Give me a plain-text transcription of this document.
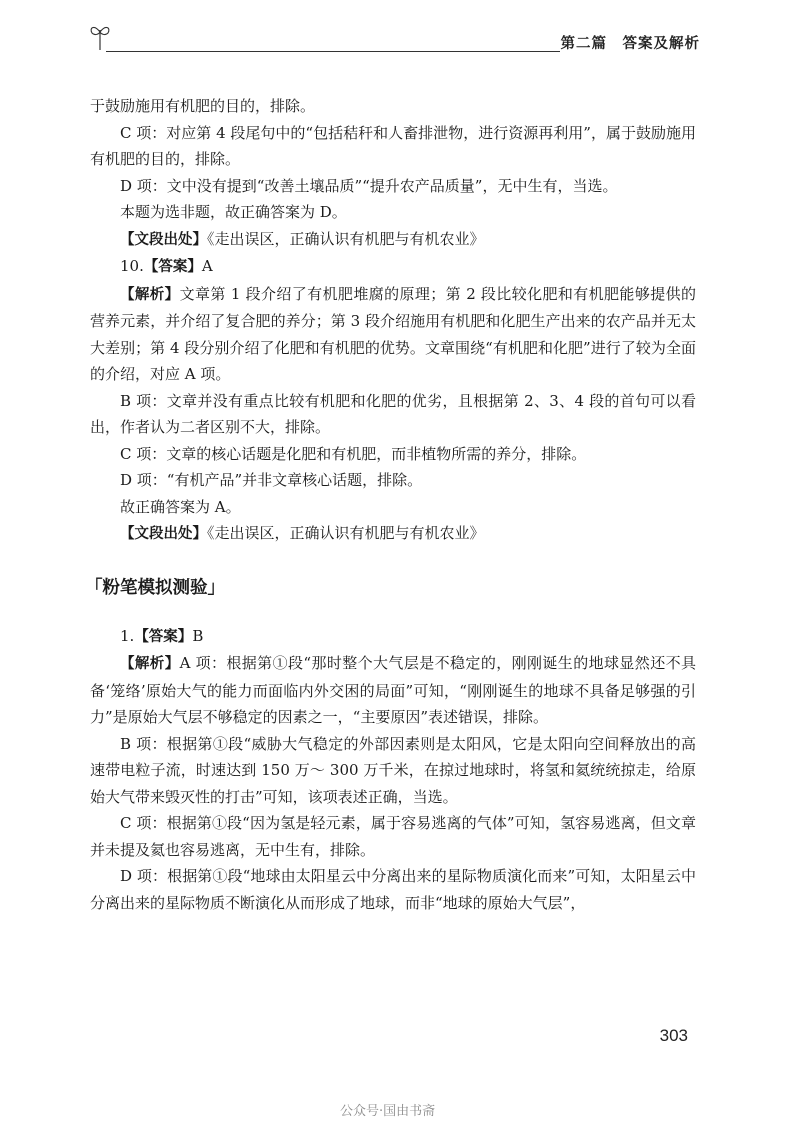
第二篇　答案及解析

于鼓励施用有机肥的目的，排除。

C 项：对应第 4 段尾句中的“包括秸秆和人畜排泄物，进行资源再利用”，属于鼓励施用有机肥的目的，排除。

D 项：文中没有提到“改善土壤品质”“提升农产品质量”，无中生有，当选。

本题为选非题，故正确答案为 D。

【文段出处】《走出误区，正确认识有机肥与有机农业》

10.【答案】A

【解析】文章第 1 段介绍了有机肥堆腐的原理；第 2 段比较化肥和有机肥能够提供的营养元素，并介绍了复合肥的养分；第 3 段介绍施用有机肥和化肥生产出来的农产品并无太大差别；第 4 段分别介绍了化肥和有机肥的优势。文章围绕“有机肥和化肥”进行了较为全面的介绍，对应 A 项。

B 项：文章并没有重点比较有机肥和化肥的优劣，且根据第 2、3、4 段的首句可以看出，作者认为二者区别不大，排除。

C 项：文章的核心话题是化肥和有机肥，而非植物所需的养分，排除。

D 项：“有机产品”并非文章核心话题，排除。

故正确答案为 A。

【文段出处】《走出误区，正确认识有机肥与有机农业》

「粉笔模拟测验」

1.【答案】B

【解析】A 项：根据第①段“那时整个大气层是不稳定的，刚刚诞生的地球显然还不具备‘笼络’原始大气的能力而面临内外交困的局面”可知，“刚刚诞生的地球不具备足够强的引力”是原始大气层不够稳定的因素之一，“主要原因”表述错误，排除。

B 项：根据第①段“威胁大气稳定的外部因素则是太阳风，它是太阳向空间释放出的高速带电粒子流，时速达到 150 万～ 300 万千米，在掠过地球时，将氢和氦统统掠走，给原始大气带来毁灭性的打击”可知，该项表述正确，当选。

C 项：根据第①段“因为氢是轻元素，属于容易逃离的气体”可知，氢容易逃离，但文章并未提及氦也容易逃离，无中生有，排除。

D 项：根据第①段“地球由太阳星云中分离出来的星际物质演化而来”可知，太阳星云中分离出来的星际物质不断演化从而形成了地球，而非“地球的原始大气层”，

303
公众号·国由书斋
